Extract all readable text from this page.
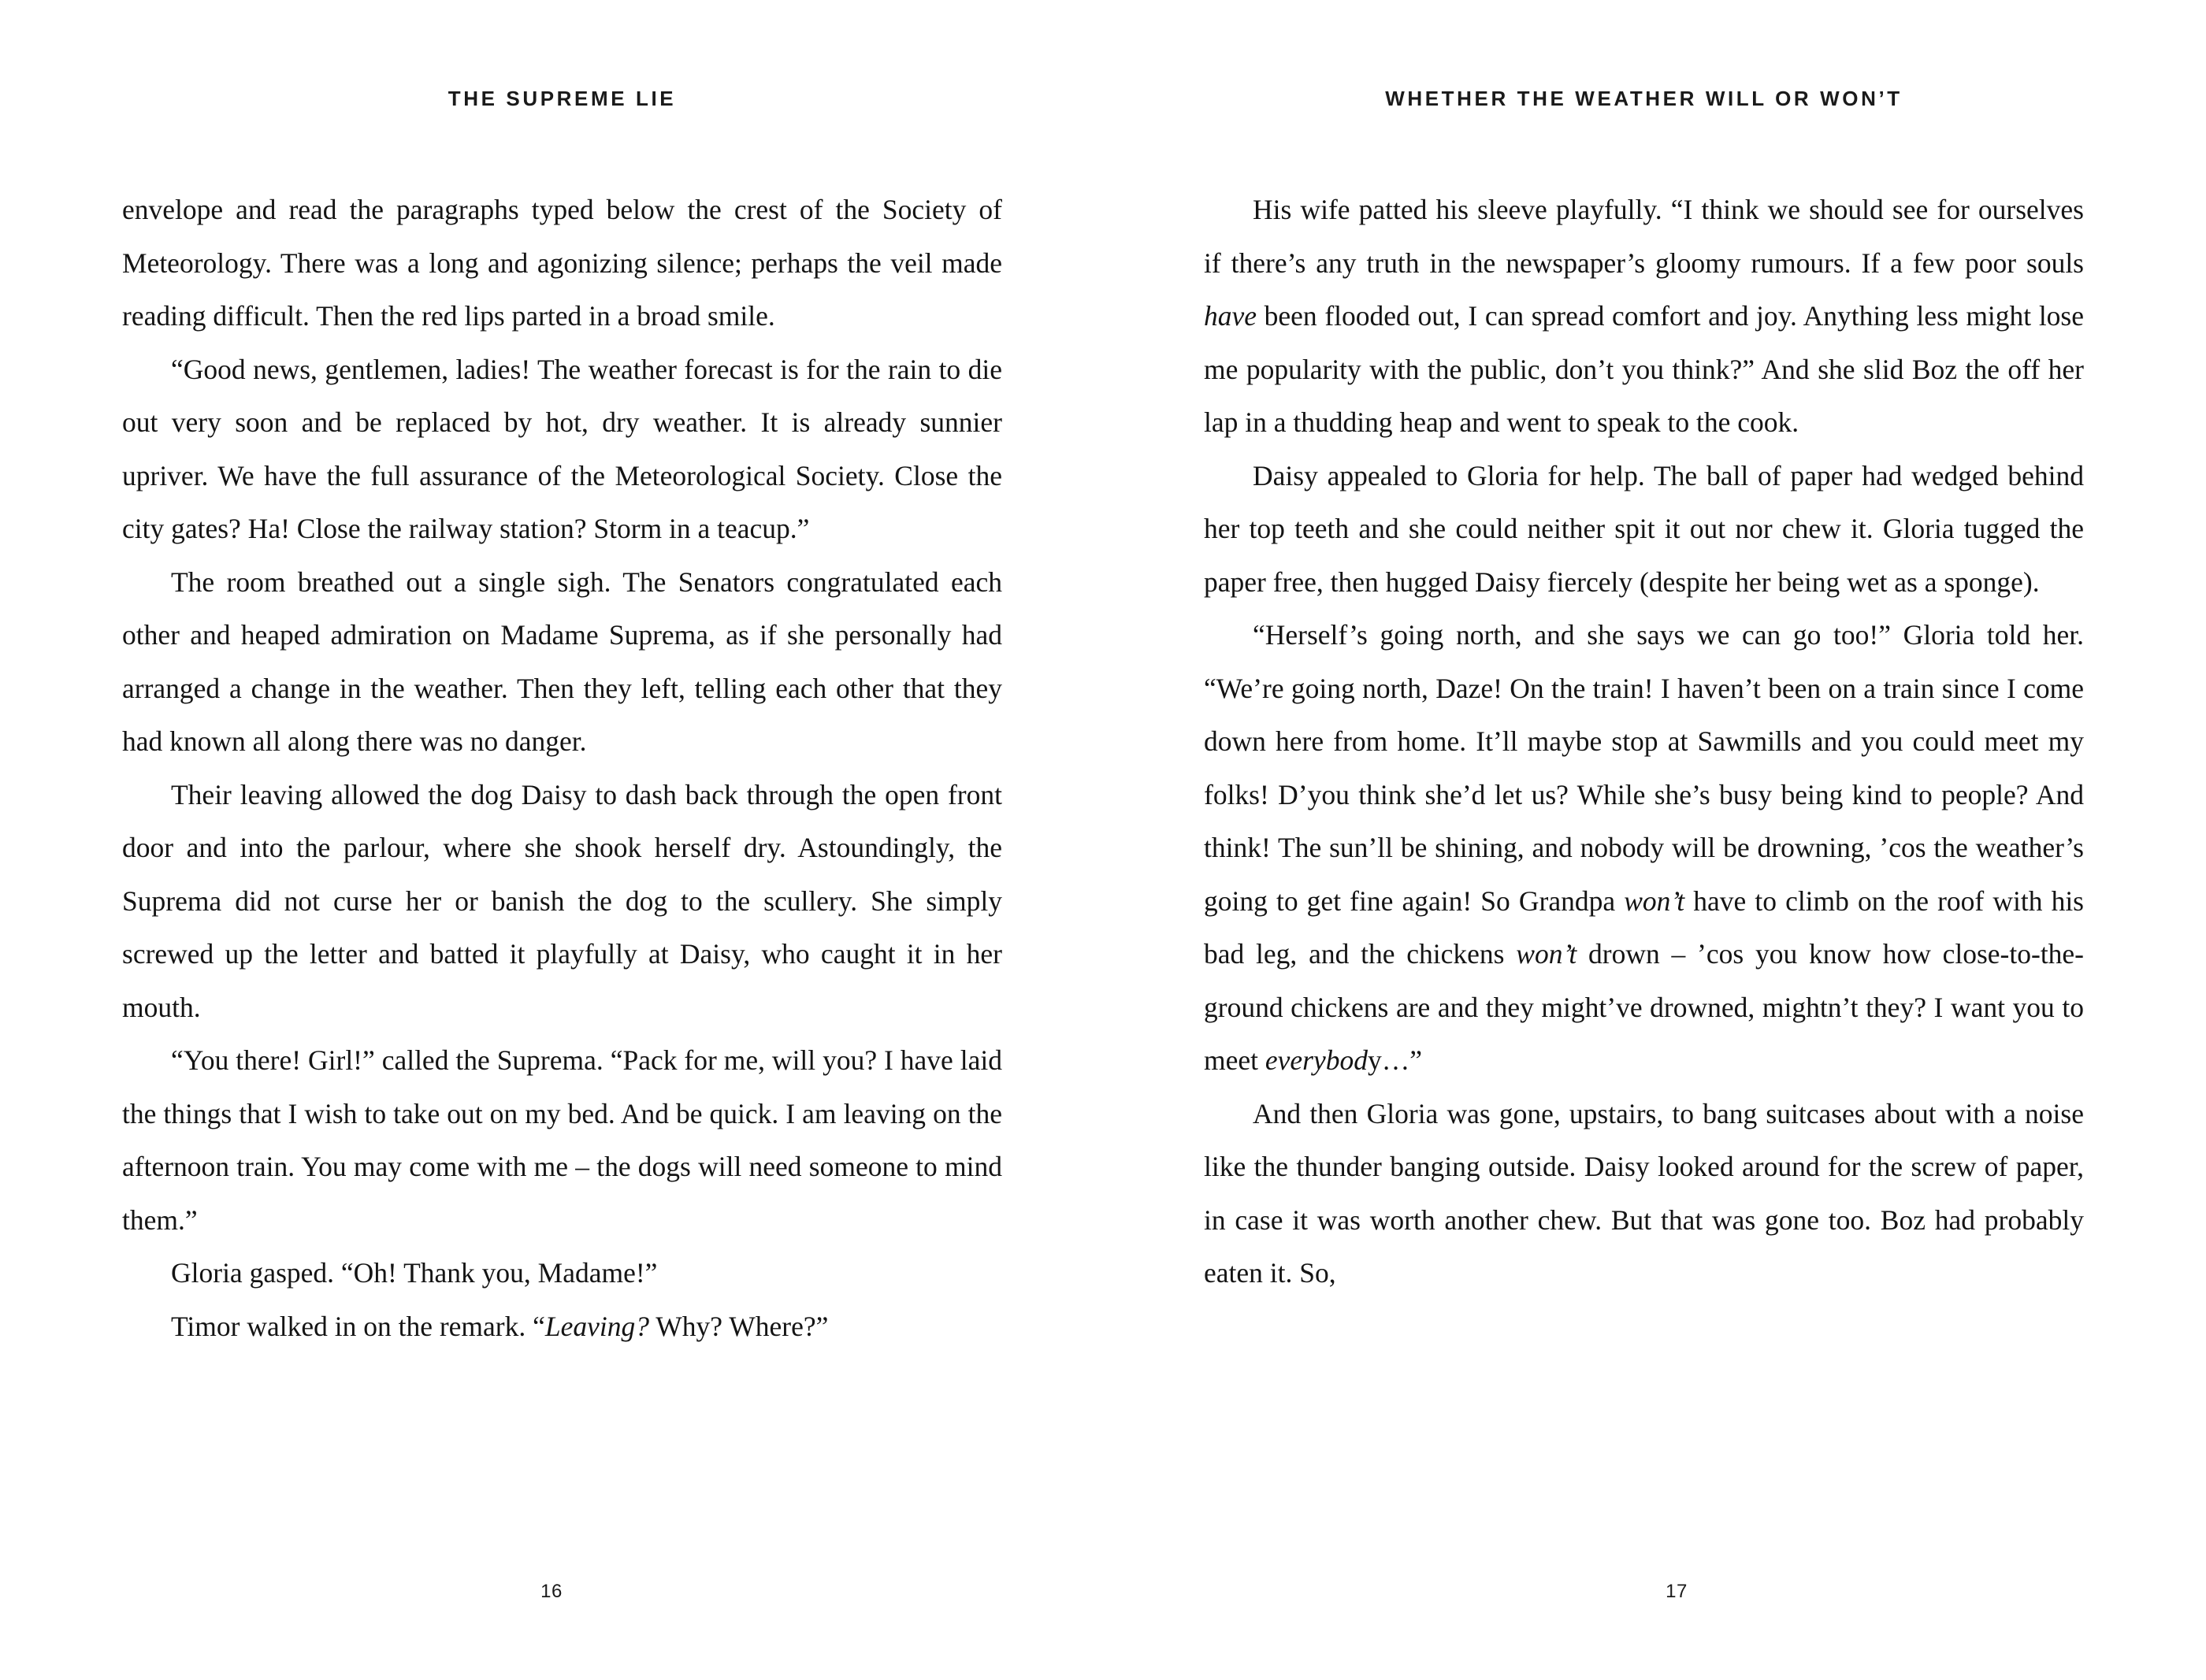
THE SUPREME LIE

envelope and read the paragraphs typed below the crest of the Society of Meteorology. There was a long and agonizing silence; perhaps the veil made reading difficult. Then the red lips parted in a broad smile.

“Good news, gentlemen, ladies! The weather forecast is for the rain to die out very soon and be replaced by hot, dry weather. It is already sunnier upriver. We have the full assurance of the Meteorological Society. Close the city gates? Ha! Close the railway station? Storm in a teacup.”

The room breathed out a single sigh. The Senators congratulated each other and heaped admiration on Madame Suprema, as if she personally had arranged a change in the weather. Then they left, telling each other that they had known all along there was no danger.

Their leaving allowed the dog Daisy to dash back through the open front door and into the parlour, where she shook herself dry. Astoundingly, the Suprema did not curse her or banish the dog to the scullery. She simply screwed up the letter and batted it playfully at Daisy, who caught it in her mouth.

“You there! Girl!” called the Suprema. “Pack for me, will you? I have laid the things that I wish to take out on my bed. And be quick. I am leaving on the afternoon train. You may come with me – the dogs will need someone to mind them.”

Gloria gasped. “Oh! Thank you, Madame!”

Timor walked in on the remark. “Leaving? Why? Where?”

16
WHETHER THE WEATHER WILL OR WON’T

His wife patted his sleeve playfully. “I think we should see for ourselves if there’s any truth in the newspaper’s gloomy rumours. If a few poor souls have been flooded out, I can spread comfort and joy. Anything less might lose me popularity with the public, don’t you think?” And she slid Boz the off her lap in a thudding heap and went to speak to the cook.

Daisy appealed to Gloria for help. The ball of paper had wedged behind her top teeth and she could neither spit it out nor chew it. Gloria tugged the paper free, then hugged Daisy fiercely (despite her being wet as a sponge).

“Herself’s going north, and she says we can go too!” Gloria told her. “We’re going north, Daze! On the train! I haven’t been on a train since I come down here from home. It’ll maybe stop at Sawmills and you could meet my folks! D’you think she’d let us? While she’s busy being kind to people? And think! The sun’ll be shining, and nobody will be drowning, ’cos the weather’s going to get fine again! So Grandpa won’t have to climb on the roof with his bad leg, and the chickens won’t drown – ’cos you know how close-to-the-ground chickens are and they might’ve drowned, mightn’t they? I want you to meet everybody…”

And then Gloria was gone, upstairs, to bang suitcases about with a noise like the thunder banging outside. Daisy looked around for the screw of paper, in case it was worth another chew. But that was gone too. Boz had probably eaten it. So,

17
